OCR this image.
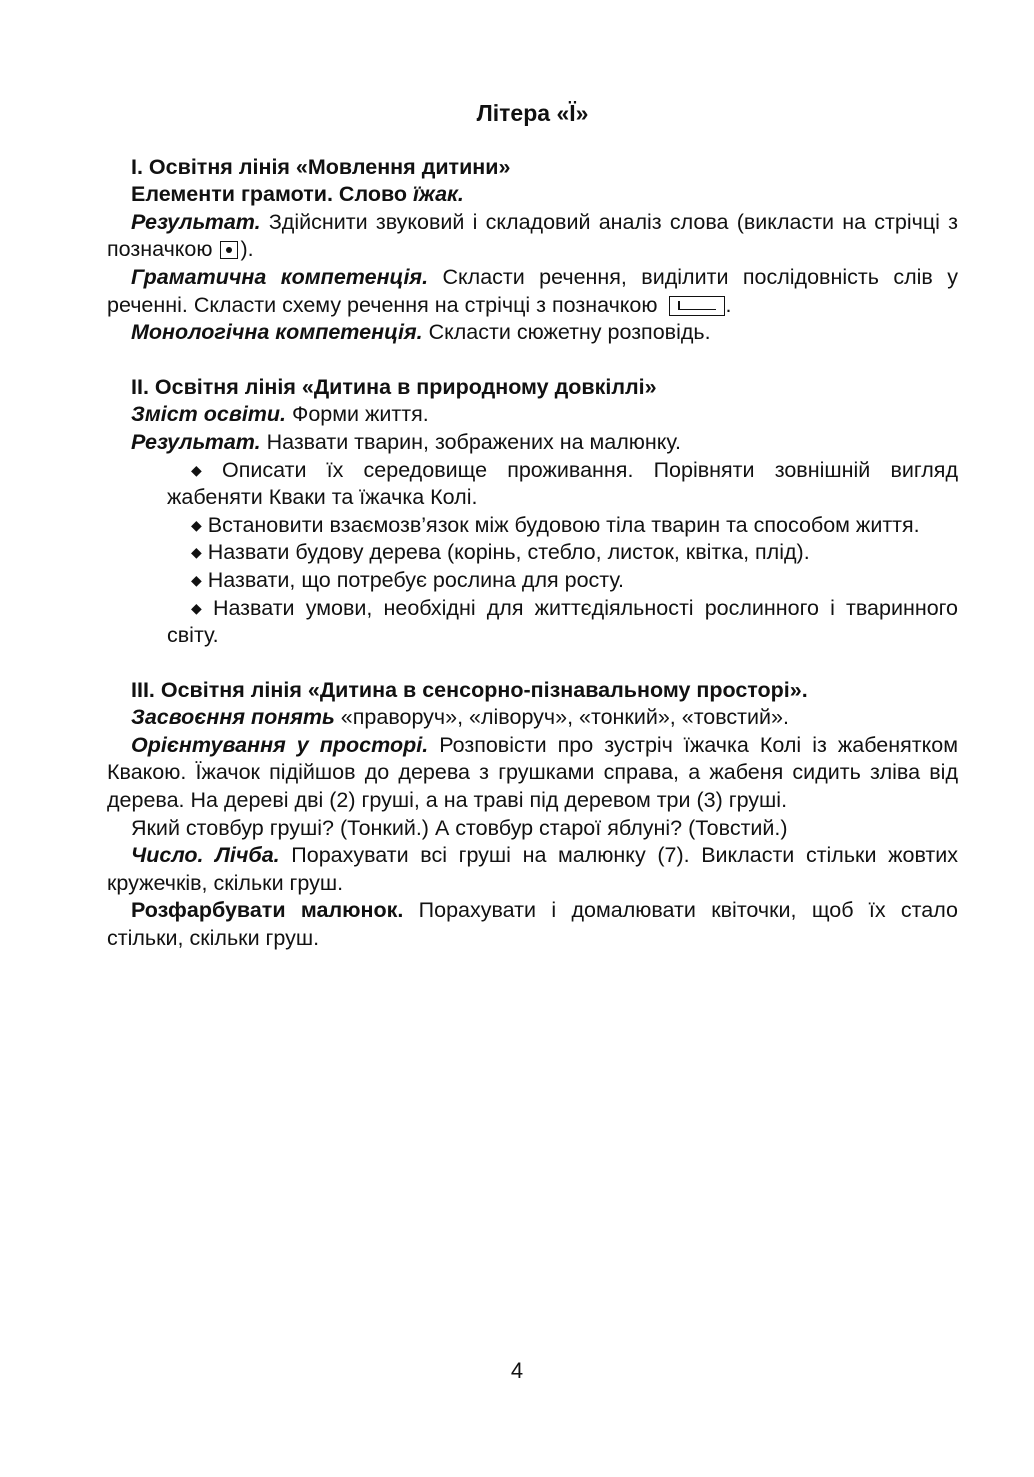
Літера «Ї»

І. Освітня лінія «Мовлення дитини»

Елементи грамоти. Слово їжак.

Результат. Здійснити звуковий і складовий аналіз слова (викласти на стрічці з позначкою ).

Граматична компетенція. Скласти речення, виділити послідовність слів у реченні. Скласти схему речення на стрічці з позначкою	.

Монологічна компетенція. Скласти сюжетну розповідь.

ІІ. Освітня лінія «Дитина в природному довкіллі»

Зміст освіти. Форми життя.

Результат. Назвати тварин, зображених на малюнку.

◆ Описати їх середовище проживання. Порівняти зовнішній вигляд жабеняти Кваки та їжачка Колі.

◆ Встановити взаємозв’язок між будовою тіла тварин та способом життя.

◆ Назвати будову дерева (корінь, стебло, листок, квітка, плід).

◆ Назвати, що потребує рослина для росту.

◆ Назвати умови, необхідні для життєдіяльності рослинного і тваринного світу.

ІІІ. Освітня лінія «Дитина в сенсорно-пізнавальному просторі».

Засвоєння понять «праворуч», «ліворуч», «тонкий», «товстий».

Орієнтування у просторі. Розповісти про зустріч їжачка Колі із жабенятком Квакою. Їжачок підійшов до дерева з грушками справа, а жабеня сидить зліва від дерева. На дереві дві (2) груші, а на траві під деревом три (3) груші.

Який стовбур груші? (Тонкий.) А стовбур старої яблуні? (Товстий.)

Число. Лічба. Порахувати всі груші на малюнку (7). Викласти стільки жовтих кружечків, скільки груш.

Розфарбувати малюнок. Порахувати і домалювати квіточки, щоб їх стало стільки, скільки груш.

4
